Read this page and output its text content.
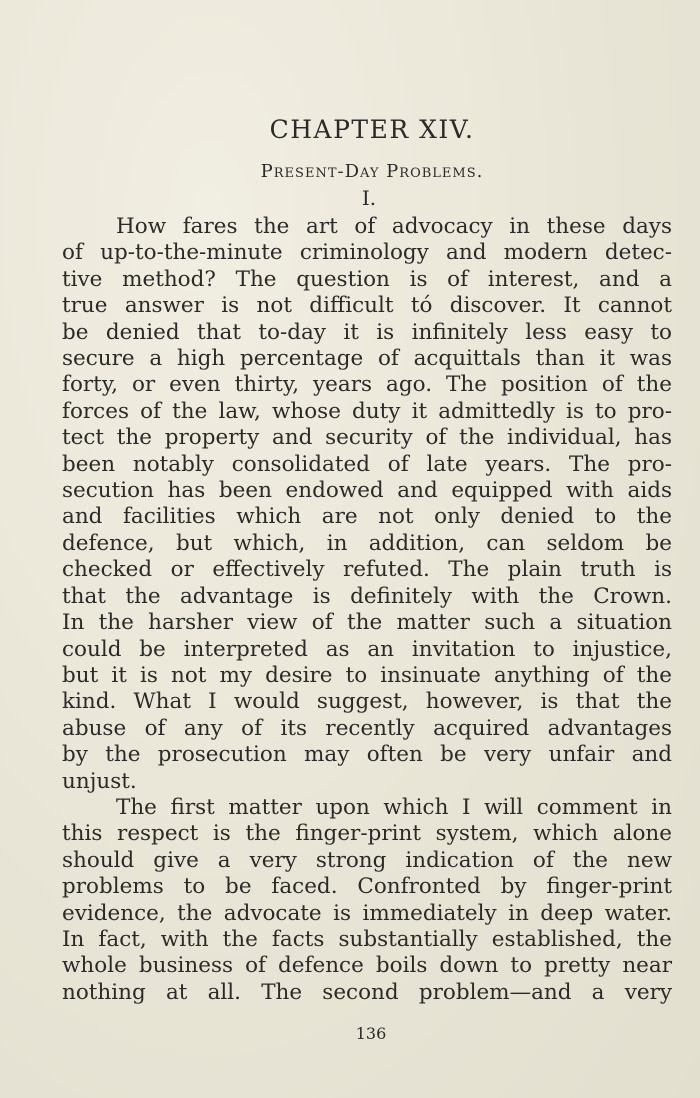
CHAPTER XIV.
Present-Day Problems.
I.
How fares the art of advocacy in these days
of up-to-the-minute criminology and modern detec-
tive method? The question is of interest, and a
true answer is not difficult tó discover. It cannot
be denied that to-day it is infinitely less easy to
secure a high percentage of acquittals than it was
forty, or even thirty, years ago. The position of the
forces of the law, whose duty it admittedly is to pro-
tect the property and security of the individual, has
been notably consolidated of late years. The pro-
secution has been endowed and equipped with aids
and facilities which are not only denied to the
defence, but which, in addition, can seldom be
checked or effectively refuted. The plain truth is
that the advantage is definitely with the Crown.
In the harsher view of the matter such a situation
could be interpreted as an invitation to injustice,
but it is not my desire to insinuate anything of the
kind. What I would suggest, however, is that the
abuse of any of its recently acquired advantages
by the prosecution may often be very unfair and
unjust.
The first matter upon which I will comment in
this respect is the finger-print system, which alone
should give a very strong indication of the new
problems to be faced. Confronted by finger-print
evidence, the advocate is immediately in deep water.
In fact, with the facts substantially established, the
whole business of defence boils down to pretty near
nothing at all. The second problem—and a very
136
